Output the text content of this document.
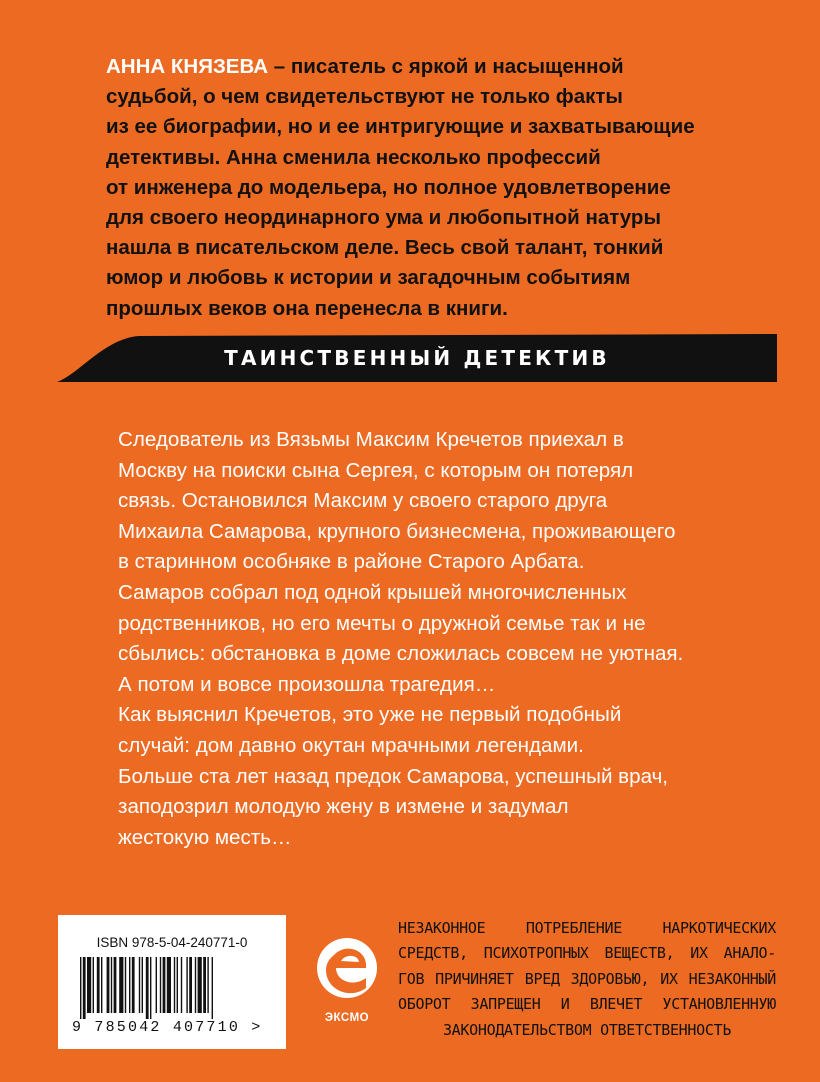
АННА КНЯЗЕВА – писатель с яркой и насыщенной
судьбой, о чем свидетельствуют не только факты
из ее биографии, но и ее интригующие и захватывающие
детективы. Анна сменила несколько профессий
от инженера до модельера, но полное удовлетворение
для своего неординарного ума и любопытной натуры
нашла в писательском деле. Весь свой талант, тонкий
юмор и любовь к истории и загадочным событиям
прошлых веков она перенесла в книги.
ТАИНСТВЕННЫЙ ДЕТЕКТИВ

Следователь из Вязьмы Максим Кречетов приехал в

Москву на поиски сына Сергея, с которым он потерял

связь. Остановился Максим у своего старого друга

Михаила Самарова, крупного бизнесмена, проживающего

в старинном особняке в районе Старого Арбата.

Самаров собрал под одной крышей многочисленных

родственников, но его мечты о дружной семье так и не

сбылись: обстановка в доме сложилась совсем не уютная.

А потом и вовсе произошла трагедия…

Как выяснил Кречетов, это уже не первый подобный

случай: дом давно окутан мрачными легендами.

Больше ста лет назад предок Самарова, успешный врач,

заподозрил молодую жену в измене и задумал

жестокую месть…

ISBN 978-5-04-240771-0
9 785042 407710 >
ЭКСМО
НЕЗАКОННОЕ ПОТРЕБЛЕНИЕ НАРКОТИЧЕСКИХ
СРЕДСТВ, ПСИХОТРОПНЫХ ВЕЩЕСТВ, ИХ АНАЛО-
ГОВ ПРИЧИНЯЕТ ВРЕД ЗДОРОВЬЮ, ИХ НЕЗАКОННЫЙ
ОБОРОТ ЗАПРЕЩЕН И ВЛЕЧЕТ УСТАНОВЛЕННУЮ
ЗАКОНОДАТЕЛЬСТВОМ ОТВЕТСТВЕННОСТЬ
